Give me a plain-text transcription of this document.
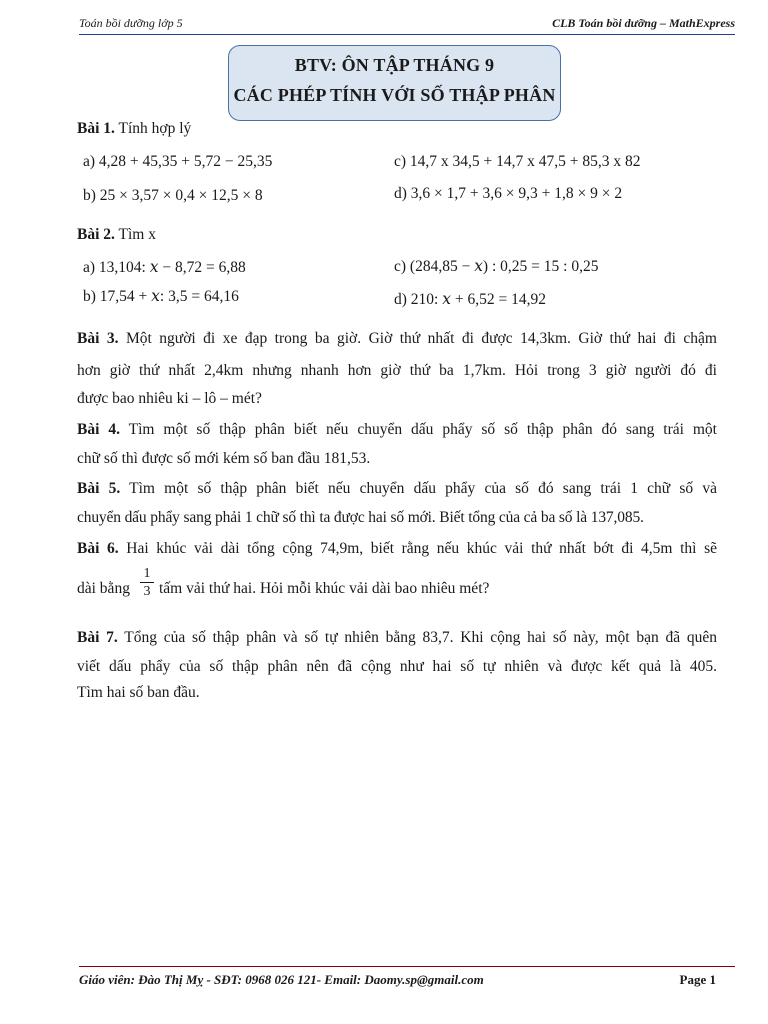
Toán bồi dưỡng lớp 5	CLB Toán bồi dưỡng – MathExpress
BTV: ÔN TẬP THÁNG 9
CÁC PHÉP TÍNH VỚI SỐ THẬP PHÂN
Bài 1. Tính hợp lý
a) 4,28 + 45,35 + 5,72 − 25,35
b) 25 × 3,57 × 0,4 × 12,5 × 8
c) 14,7 x 34,5 + 14,7 x 47,5 + 85,3 x 82
d) 3,6 × 1,7 + 3,6 × 9,3 + 1,8 × 9 × 2
Bài 2. Tìm x
a) 13,104: 𝑥 − 8,72 = 6,88
b) 17,54 + 𝑥: 3,5 = 64,16
c) (284,85 − 𝑥) : 0,25 = 15 : 0,25
d) 210: 𝑥 + 6,52 = 14,92
Bài 3. Một người đi xe đạp trong ba giờ. Giờ thứ nhất đi được 14,3km. Giờ thứ hai đi chậm
hơn giờ thứ nhất 2,4km nhưng nhanh hơn giờ thứ ba 1,7km. Hỏi trong 3 giờ người đó đi
được bao nhiêu ki – lô – mét?
Bài 4. Tìm một số thập phân biết nếu chuyển dấu phẩy số số thập phân đó sang trái một
chữ số thì được số mới kém số ban đầu 181,53.
Bài 5. Tìm một số thập phân biết nếu chuyển dấu phẩy của số đó sang trái 1 chữ số và
chuyển dấu phẩy sang phải 1 chữ số thì ta được hai số mới. Biết tổng của cả ba số là 137,085.
Bài 6. Hai khúc vải dài tổng cộng 74,9m, biết rằng nếu khúc vải thứ nhất bớt đi 4,5m thì sẽ
dài bằng
1
3 tấm vải thứ hai. Hỏi mỗi khúc vải dài bao nhiêu mét?
Bài 7. Tổng của số thập phân và số tự nhiên bằng 83,7. Khi cộng hai số này, một bạn đã quên
viết dấu phẩy của số thập phân nên đã cộng như hai số tự nhiên và được kết quả là 405.
Tìm hai số ban đầu.
Giáo viên: Đào Thị Mỵ - SĐT: 0968 026 121- Email: Daomy.sp@gmail.com	Page 1
